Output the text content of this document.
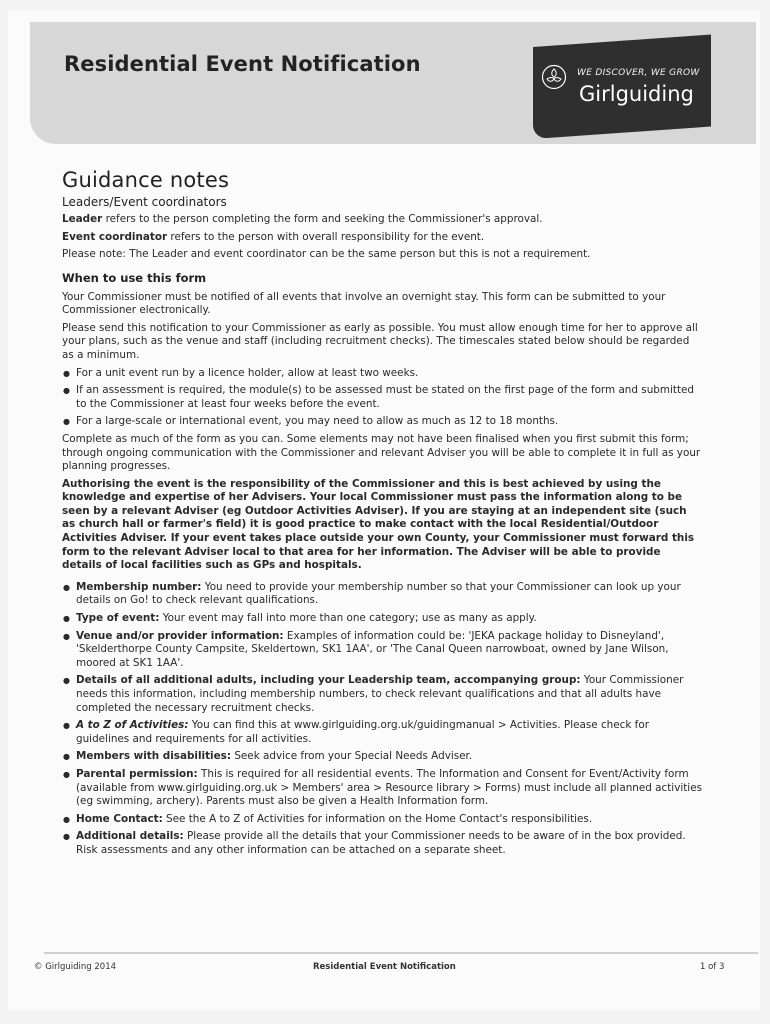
Residential Event Notification	WE DISCOVER, WE GROW
Girlguiding
Guidance notes
Leaders/Event coordinators

Leader refers to the person completing the form and seeking the Commissioner's approval.

Event coordinator refers to the person with overall responsibility for the event.

Please note: The Leader and event coordinator can be the same person but this is not a requirement.

When to use this form

Your Commissioner must be notified of all events that involve an overnight stay. This form can be submitted to your Commissioner electronically.

Please send this notification to your Commissioner as early as possible. You must allow enough time for her to approve all your plans, such as the venue and staff (including recruitment checks). The timescales stated below should be regarded as a minimum.

● For a unit event run by a licence holder, allow at least two weeks.
● If an assessment is required, the module(s) to be assessed must be stated on the first page of the form and submitted to the Commissioner at least four weeks before the event.
● For a large-scale or international event, you may need to allow as much as 12 to 18 months.

Complete as much of the form as you can. Some elements may not have been finalised when you first submit this form; through ongoing communication with the Commissioner and relevant Adviser you will be able to complete it in full as your planning progresses.

Authorising the event is the responsibility of the Commissioner and this is best achieved by using the knowledge and expertise of her Advisers. Your local Commissioner must pass the information along to be seen by a relevant Adviser (eg Outdoor Activities Adviser). If you are staying at an independent site (such as church hall or farmer's field) it is good practice to make contact with the local Residential/Outdoor Activities Adviser. If your event takes place outside your own County, your Commissioner must forward this form to the relevant Adviser local to that area for her information. The Adviser will be able to provide details of local facilities such as GPs and hospitals.

● Membership number: You need to provide your membership number so that your Commissioner can look up your details on Go! to check relevant qualifications.
● Type of event: Your event may fall into more than one category; use as many as apply.
● Venue and/or provider information: Examples of information could be: 'JEKA package holiday to Disneyland', 'Skelderthorpe County Campsite, Skeldertown, SK1 1AA', or 'The Canal Queen narrowboat, owned by Jane Wilson, moored at SK1 1AA'.
● Details of all additional adults, including your Leadership team, accompanying group: Your Commissioner needs this information, including membership numbers, to check relevant qualifications and that all adults have completed the necessary recruitment checks.
● A to Z of Activities: You can find this at www.girlguiding.org.uk/guidingmanual > Activities. Please check for guidelines and requirements for all activities.
● Members with disabilities: Seek advice from your Special Needs Adviser.
● Parental permission: This is required for all residential events. The Information and Consent for Event/Activity form (available from www.girlguiding.org.uk > Members' area > Resource library > Forms) must include all planned activities (eg swimming, archery). Parents must also be given a Health Information form.
● Home Contact: See the A to Z of Activities for information on the Home Contact's responsibilities.
● Additional details: Please provide all the details that your Commissioner needs to be aware of in the box provided. Risk assessments and any other information can be attached on a separate sheet.
© Girlguiding 2014	Residential Event Notification	1 of 3
